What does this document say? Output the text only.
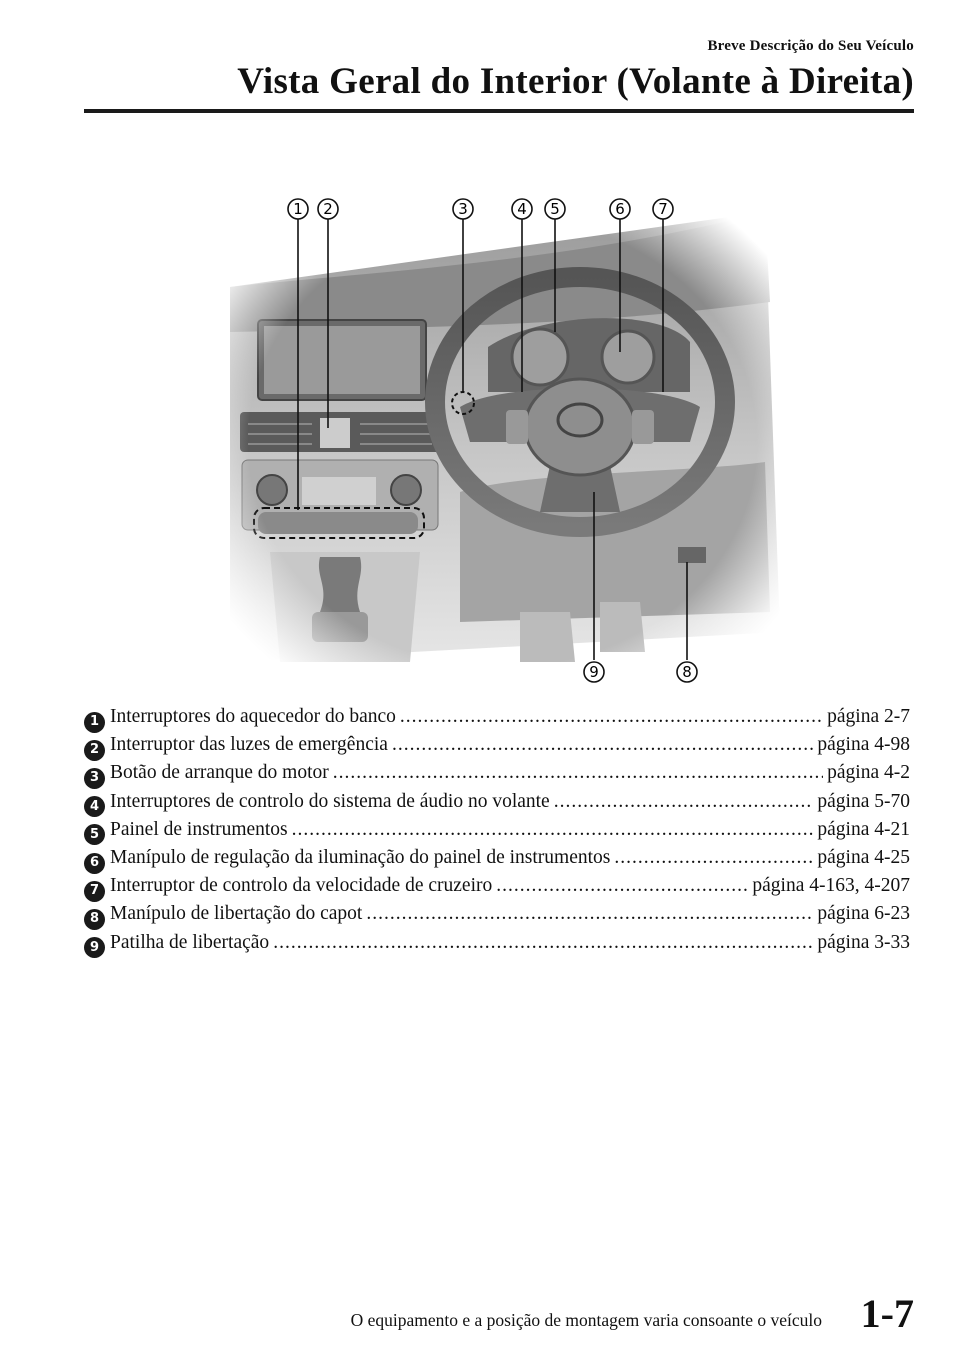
Breve Descrição do Seu Veículo
Vista Geral do Interior (Volante à Direita)
1 2	3	4 5	6 7
8
9
1 Interruptores do aquecedor do banco .....	página 2-7
2 Interruptor das luzes de emergência .....	página 4-98
3 Botão de arranque do motor .....	página 4-2
4 Interruptores de controlo do sistema de áudio no volante .....	página 5-70
5 Painel de instrumentos .....	página 4-21
6 Manípulo de regulação da iluminação do painel de instrumentos .....	página 4-25
7 Interruptor de controlo da velocidade de cruzeiro .....	página 4-163, 4-207
8 Manípulo de libertação do capot .....	página 6-23
9 Patilha de libertação .....	página 3-33
O equipamento e a posição de montagem varia consoante o veículo 1-7
